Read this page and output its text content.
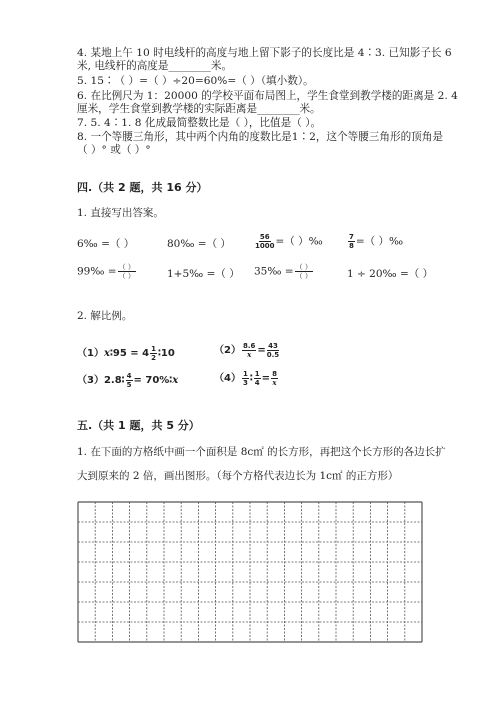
4. 某地上午 10 时电线杆的高度与地上留下影子的长度比是 4∶3. 已知影子长 6
米, 电线杆的高度是________米。
5. 15∶（ ）=（ ）÷20=60%=（ ）（填小数）。
6. 在比例尺为 1：20000 的学校平面布局图上，学生食堂到教学楼的距离是 2. 4
厘米，学生食堂到教学楼的实际距离是________米。
7. 5. 4∶1. 8 化成最简整数比是（ ），比值是（ ）。
8. 一个等腰三角形，其中两个内角的度数比是1∶2，这个等腰三角形的顶角是
（ ）° 或（ ）°
四.（共 2 题，共 16 分）
1. 直接写出答案。
6‰ =（ ）	80‰ =（ ）	$\frac{56}{1000}$ =（ ）‰	$\frac{7}{8}$ =（ ）‰
99‰ = $\frac{( )}{( )}$	1+5‰ =（ ） 35‰ = $\frac{( )}{( )}$	1 ÷ 20‰ =（ ）
2. 解比例。
（1）x∶95 = $4 \frac{1}{2}$ ∶10	$(2) \frac{8.6}{x} = \frac{43}{0.5}$
（3）2.8∶ $\frac{4}{5}$ = 70%∶x	$(4) \frac{1}{3}$ ∶ $\frac{1}{4} = \frac{8}{x}$
五.（共 1 题，共 5 分）
1. 在下面的方格纸中画一个面积是 8c㎡ 的长方形，再把这个长方形的各边长扩
大到原来的 2 倍，画出图形。（每个方格代表边长为 1c㎡ 的正方形）
